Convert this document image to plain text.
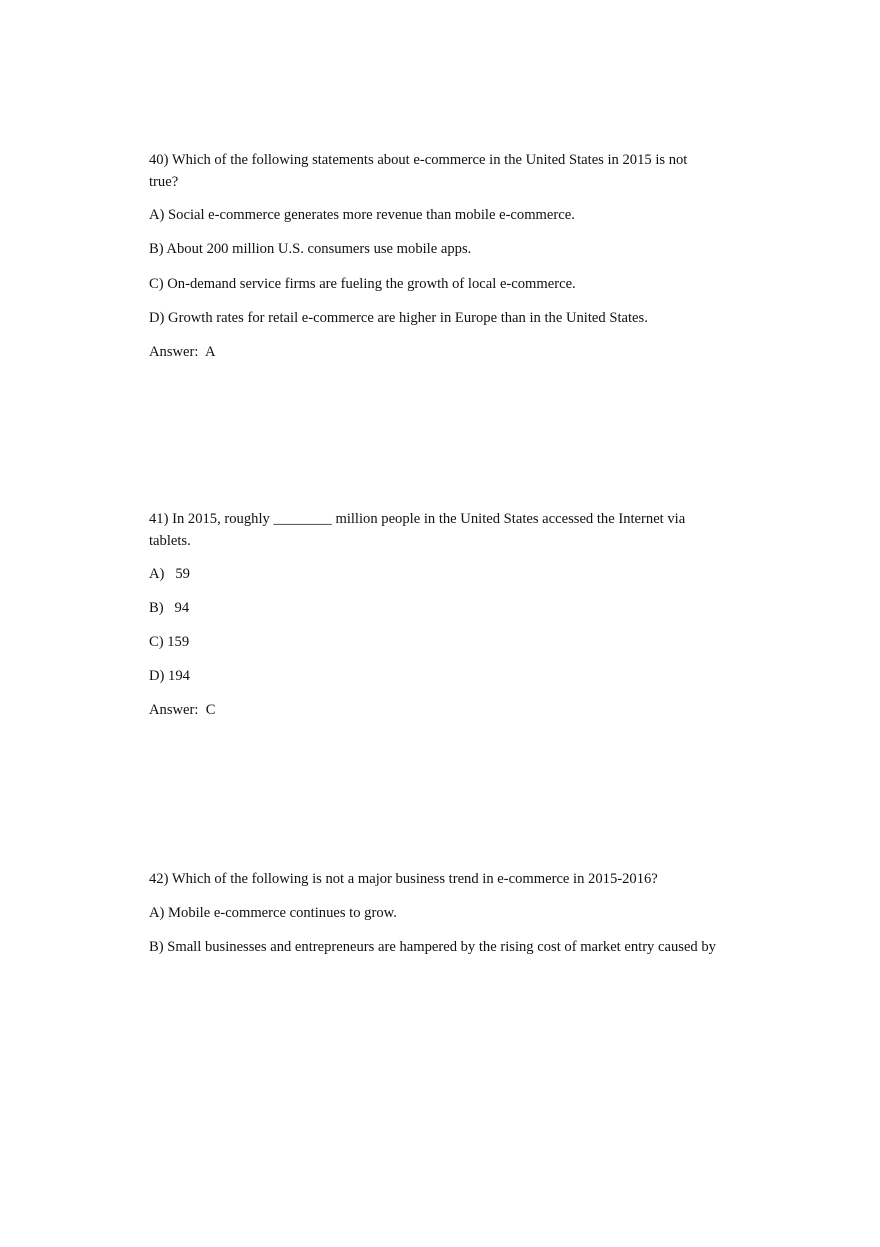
40) Which of the following statements about e-commerce in the United States in 2015 is not

true?

A) Social e-commerce generates more revenue than mobile e-commerce.

B) About 200 million U.S. consumers use mobile apps.

C) On-demand service firms are fueling the growth of local e-commerce.

D) Growth rates for retail e-commerce are higher in Europe than in the United States.

Answer:  A

41) In 2015, roughly ________ million people in the United States accessed the Internet via

tablets.

A)   59

B)   94

C) 159

D) 194

Answer:  C

42) Which of the following is not a major business trend in e-commerce in 2015-2016?

A) Mobile e-commerce continues to grow.

B) Small businesses and entrepreneurs are hampered by the rising cost of market entry caused by
